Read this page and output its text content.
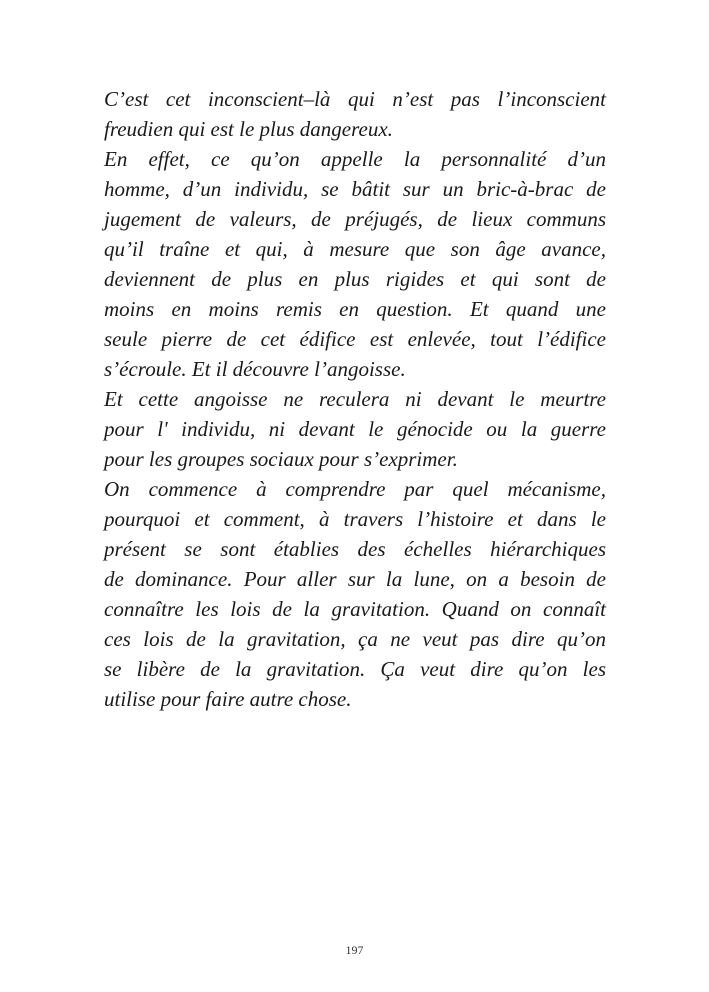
C’est cet inconscient–là qui n’est pas l’inconscient
freudien qui est le plus dangereux.
En effet, ce qu’on appelle la personnalité d’un
homme, d’un individu, se bâtit sur un bric-à-brac de
jugement de valeurs, de préjugés, de lieux communs
qu’il traîne et qui, à mesure que son âge avance,
deviennent de plus en plus rigides et qui sont de
moins en moins remis en question. Et quand une
seule pierre de cet édifice est enlevée, tout l’édifice
s’écroule. Et il découvre l’angoisse.
Et cette angoisse ne reculera ni devant le meurtre
pour l' individu, ni devant le génocide ou la guerre
pour les groupes sociaux pour s’exprimer.
On commence à comprendre par quel mécanisme,
pourquoi et comment, à travers l’histoire et dans le
présent se sont établies des échelles hiérarchiques
de dominance. Pour aller sur la lune, on a besoin de
connaître les lois de la gravitation. Quand on connaît
ces lois de la gravitation, ça ne veut pas dire qu’on
se libère de la gravitation. Ça veut dire qu’on les
utilise pour faire autre chose.
197
